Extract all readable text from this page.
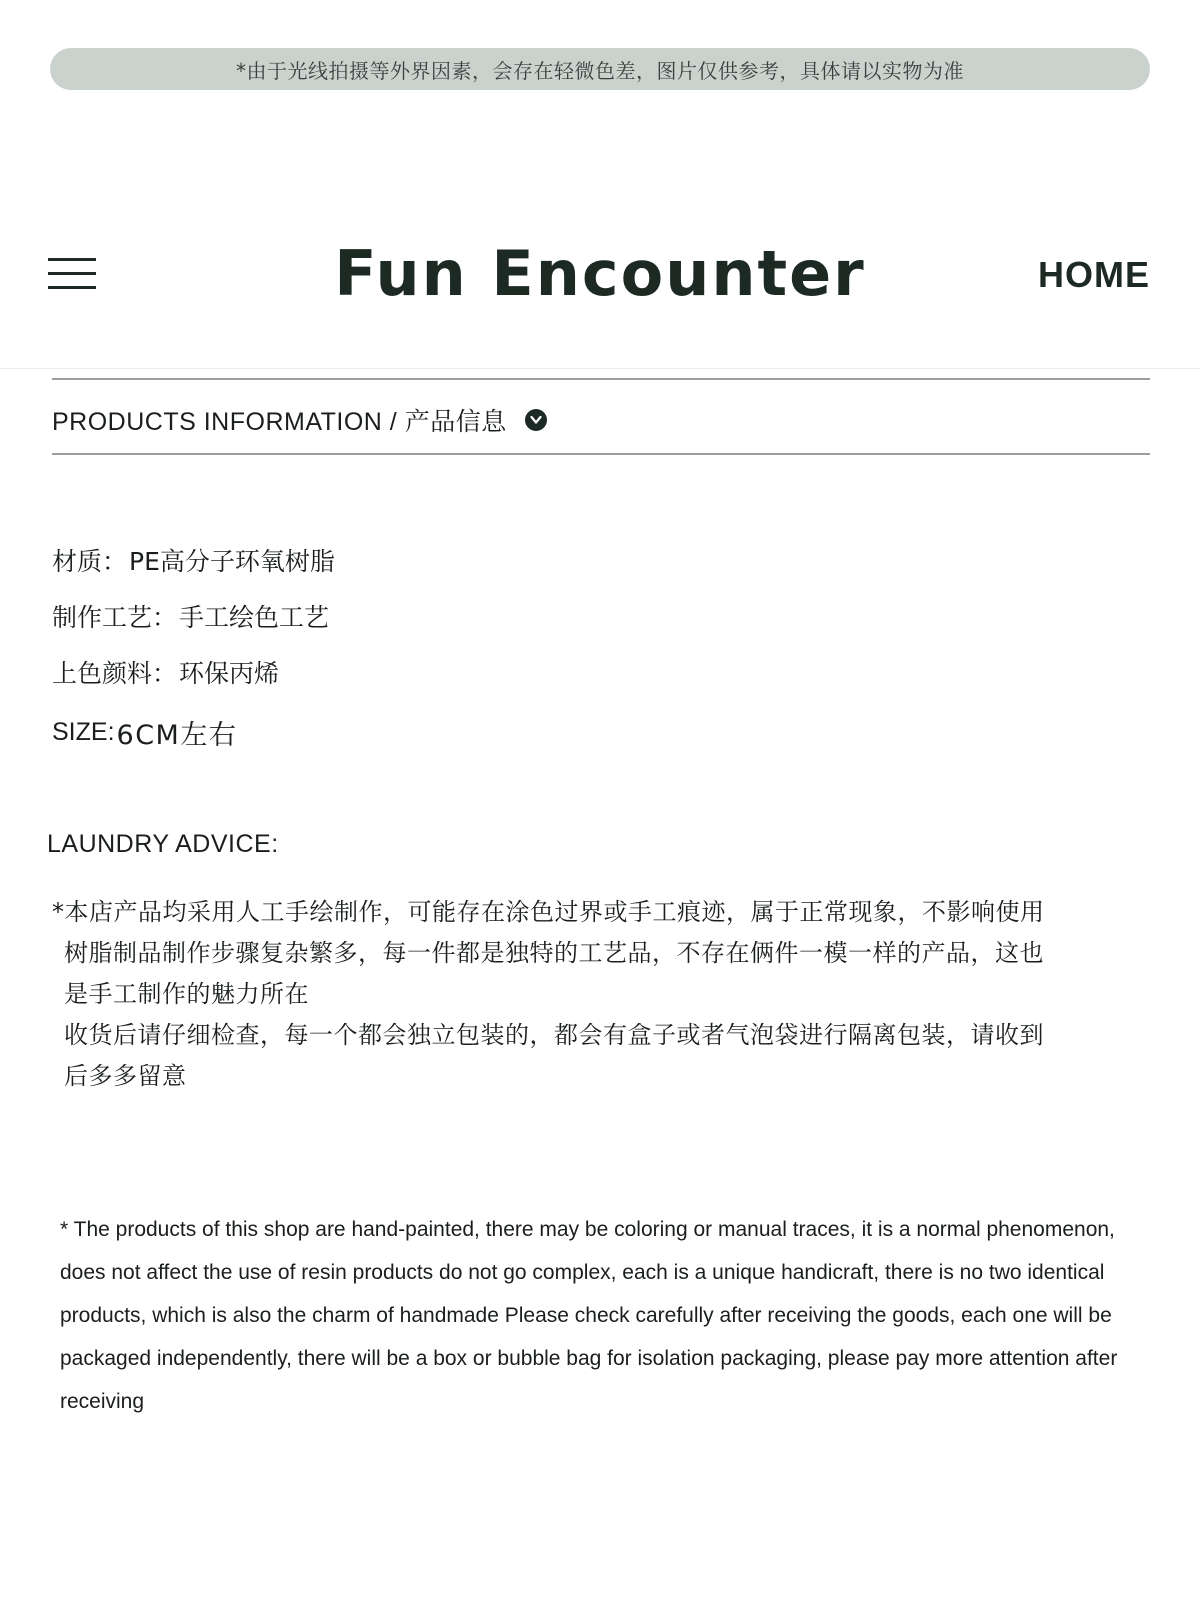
*由于光线拍摄等外界因素，会存在轻微色差，图片仅供参考，具体请以实物为准
Fun Encounter	HOME
PRODUCTS INFORMATION / 产品信息
材质： PE高分子环氧树脂
制作工艺： 手工绘色工艺
上色颜料： 环保丙烯
SIZE: 6CM左右
LAUNDRY ADVICE:

*本店产品均采用人工手绘制作，可能存在涂色过界或手工痕迹，属于正常现象，不影响使用

树脂制品制作步骤复杂繁多，每一件都是独特的工艺品，不存在俩件一模一样的产品，这也

是手工制作的魅力所在

收货后请仔细检查，每一个都会独立包装的，都会有盒子或者气泡袋进行隔离包装，请收到

后多多留意

* The products of this shop are hand-painted, there may be coloring or manual traces, it is a normal phenomenon, does not affect the use of resin products do not go complex, each is a unique handicraft, there is no two identical products, which is also the charm of handmade Please check carefully after receiving the goods, each one will be packaged independently, there will be a box or bubble bag for isolation packaging, please pay more attention after receiving
